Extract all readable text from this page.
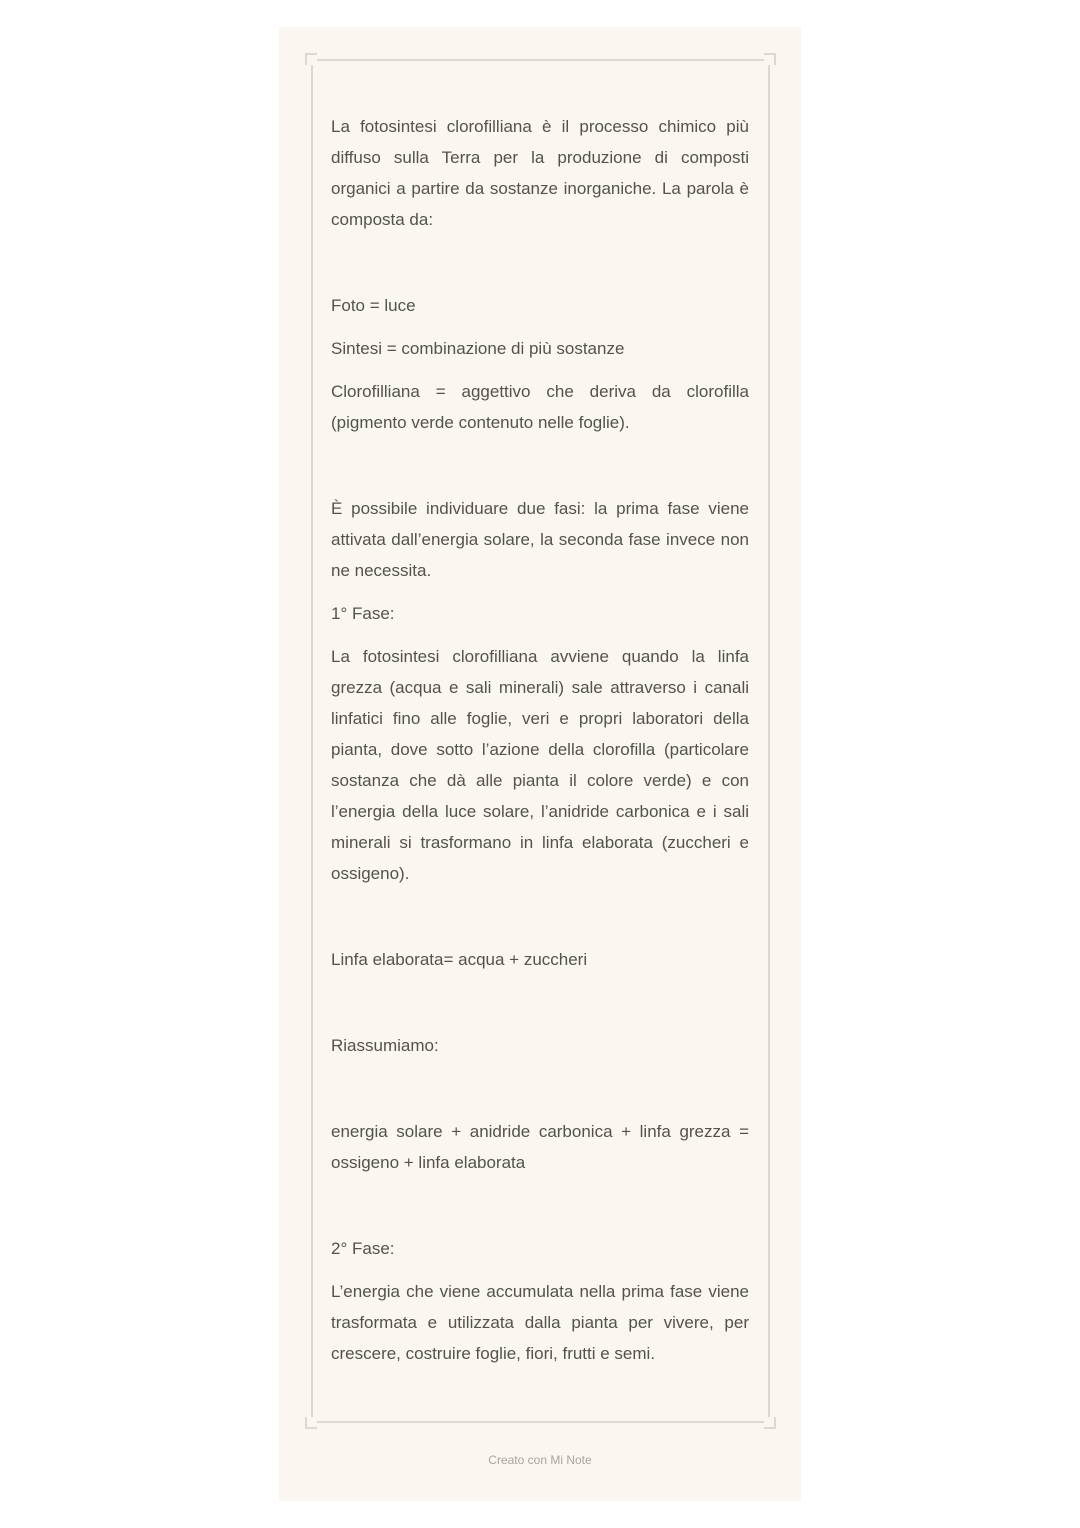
La fotosintesi clorofilliana è il processo chimico più diffuso sulla Terra per la produzione di composti organici a partire da sostanze inorganiche. La parola è composta da:

Foto = luce

Sintesi = combinazione di più sostanze

Clorofilliana = aggettivo che deriva da clorofilla (pigmento verde contenuto nelle foglie).

È possibile individuare due fasi: la prima fase viene attivata dall’energia solare, la seconda fase invece non ne necessita.

1° Fase:

La fotosintesi clorofilliana avviene quando la linfa grezza (acqua e sali minerali) sale attraverso i canali linfatici fino alle foglie, veri e propri laboratori della pianta, dove sotto l’azione della clorofilla (particolare sostanza che dà alle pianta il colore verde) e con l’energia della luce solare, l’anidride carbonica e i sali minerali si trasformano in linfa elaborata (zuccheri e ossigeno).

Linfa elaborata= acqua + zuccheri

Riassumiamo:

energia solare + anidride carbonica + linfa grezza = ossigeno + linfa elaborata

2° Fase:

L’energia che viene accumulata nella prima fase viene trasformata e utilizzata dalla pianta per vivere, per crescere, costruire foglie, fiori, frutti e semi.

Creato con Mi Note
